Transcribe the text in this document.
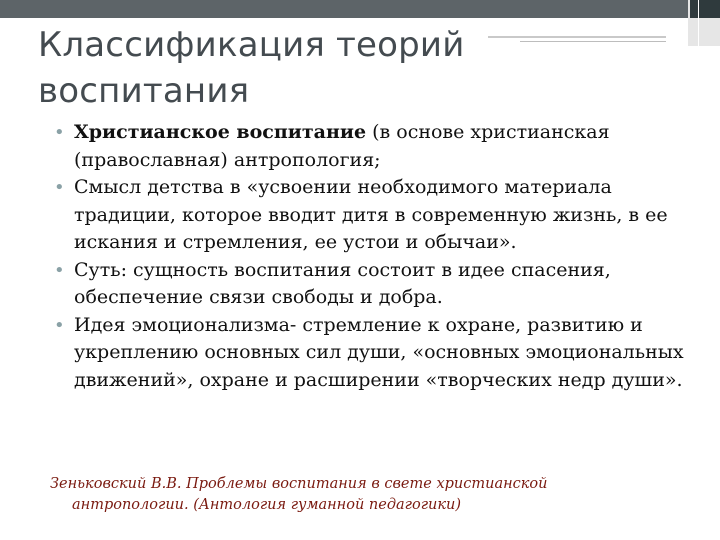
Классификация теорий
воспитания

• Христианское воспитание (в основе христианская (православная) антропология;

• Смысл детства в «усвоении необходимого материала традиции, которое вводит дитя в современную жизнь, в ее искания и стремления, ее устои и обычаи».

• Суть: сущность воспитания состоит в идее спасения, обеспечение связи свободы и добра.

• Идея эмоционализма- стремление к охране, развитию и укреплению основных сил души, «основных эмоциональных движений», охране и расширении «творческих недр души».

Зеньковский В.В. Проблемы воспитания в свете христианской
антропологии. (Антология гуманной педагогики)
